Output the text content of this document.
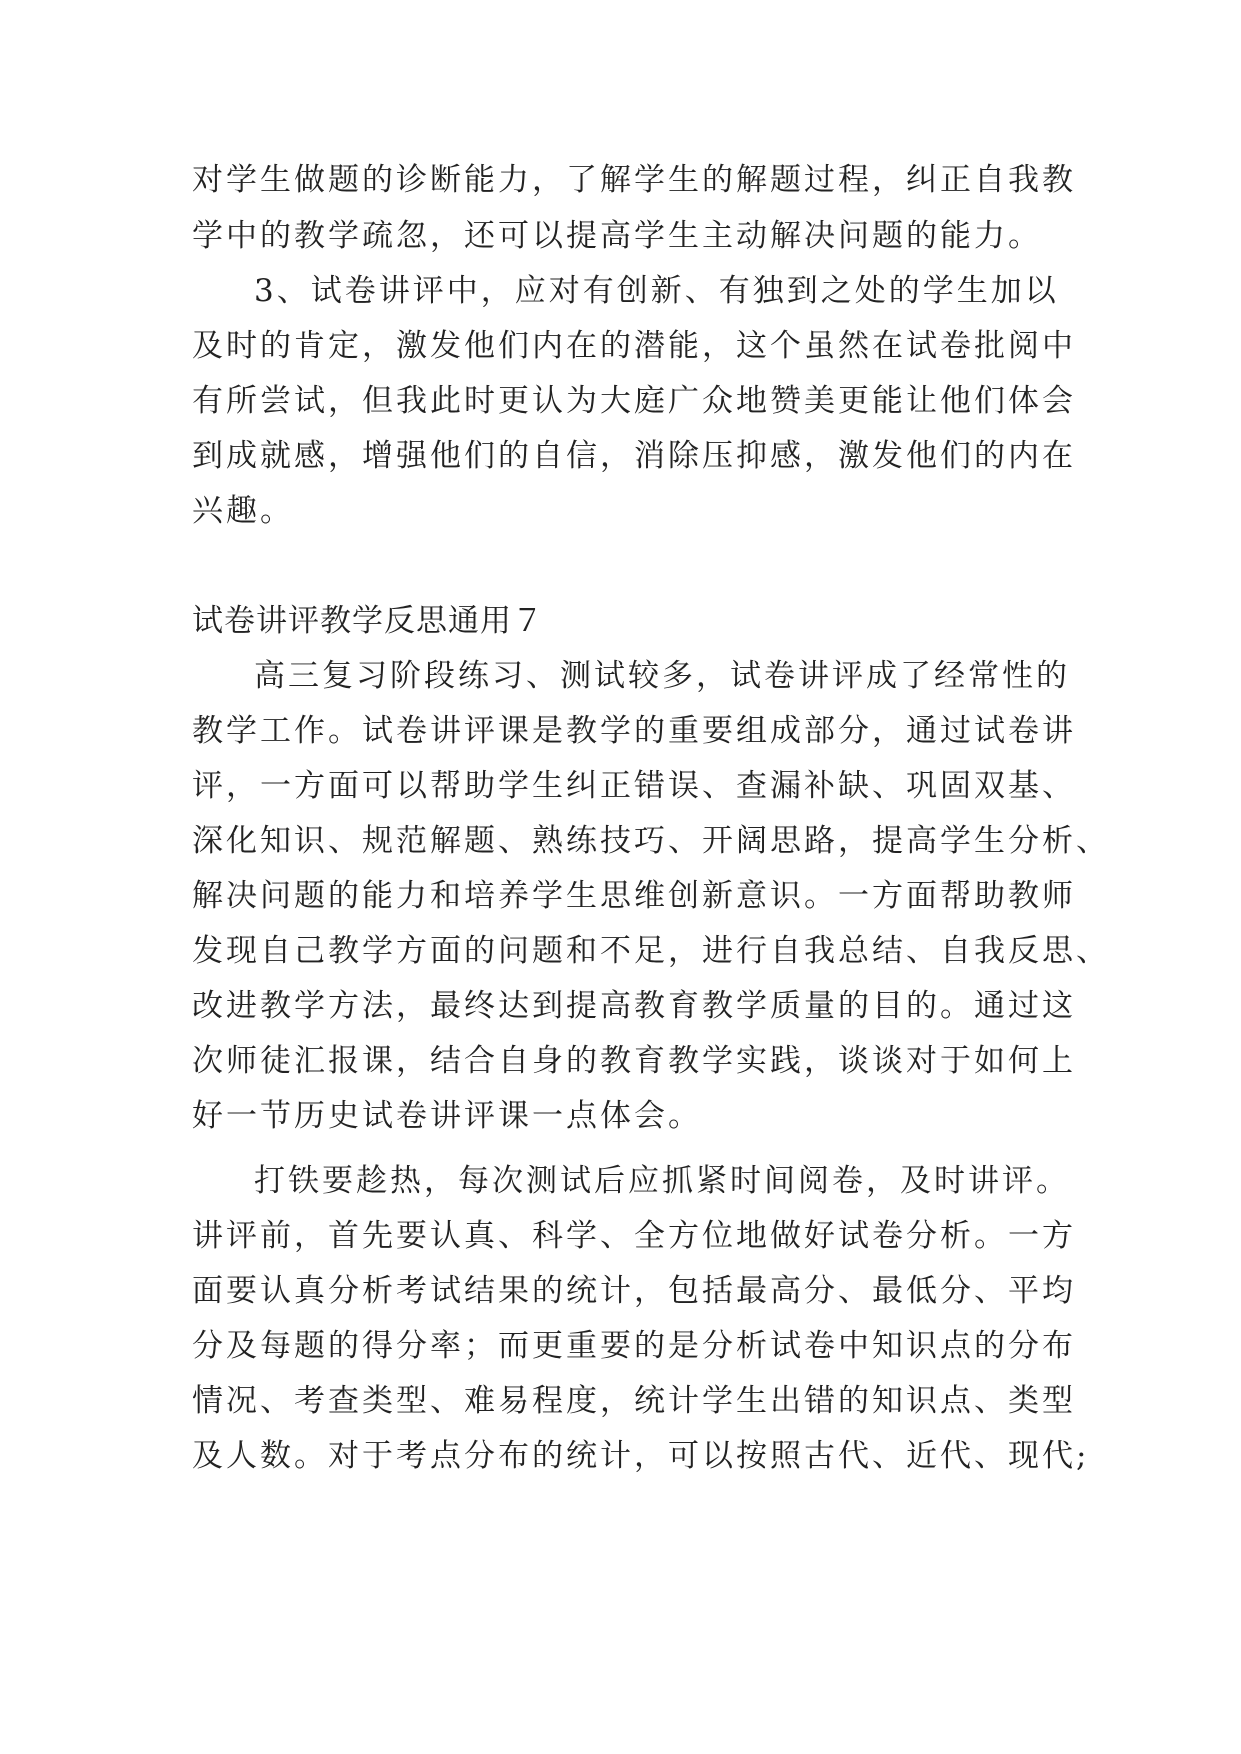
对学生做题的诊断能力，了解学生的解题过程，纠正自我教
学中的教学疏忽，还可以提高学生主动解决问题的能力。
3、试卷讲评中，应对有创新、有独到之处的学生加以
及时的肯定，激发他们内在的潜能，这个虽然在试卷批阅中
有所尝试，但我此时更认为大庭广众地赞美更能让他们体会
到成就感，增强他们的自信，消除压抑感，激发他们的内在
兴趣。
试卷讲评教学反思通用７
高三复习阶段练习、测试较多，试卷讲评成了经常性的
教学工作。试卷讲评课是教学的重要组成部分，通过试卷讲
评，一方面可以帮助学生纠正错误、查漏补缺、巩固双基、
深化知识、规范解题、熟练技巧、开阔思路，提高学生分析、
解决问题的能力和培养学生思维创新意识。一方面帮助教师
发现自己教学方面的问题和不足，进行自我总结、自我反思、
改进教学方法，最终达到提高教育教学质量的目的。通过这
次师徒汇报课，结合自身的教育教学实践，谈谈对于如何上
好一节历史试卷讲评课一点体会。
打铁要趁热，每次测试后应抓紧时间阅卷，及时讲评。
讲评前，首先要认真、科学、全方位地做好试卷分析。一方
面要认真分析考试结果的统计，包括最高分、最低分、平均
分及每题的得分率；而更重要的是分析试卷中知识点的分布
情况、考查类型、难易程度，统计学生出错的知识点、类型
及人数。对于考点分布的统计，可以按照古代、近代、现代;
